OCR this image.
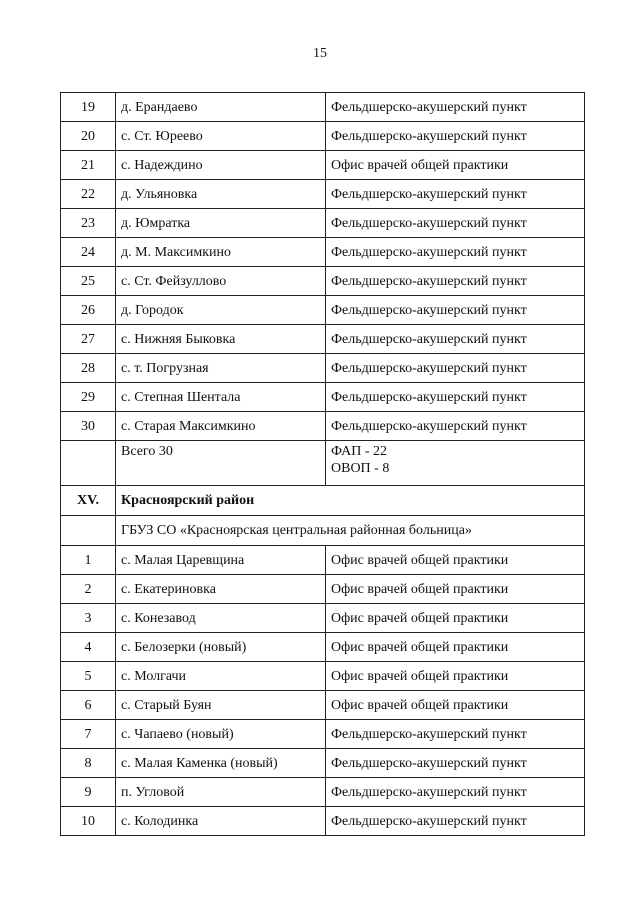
15
19	д. Ерандаево	Фельдшерско-акушерский пункт
20	с. Ст. Юреево	Фельдшерско-акушерский пункт
21	с. Надеждино	Офис врачей общей практики
22	д. Ульяновка	Фельдшерско-акушерский пункт
23	д. Юмратка	Фельдшерско-акушерский пункт
24	д. М. Максимкино	Фельдшерско-акушерский пункт
25	с. Ст. Фейзуллово	Фельдшерско-акушерский пункт
26	д. Городок	Фельдшерско-акушерский пункт
27	с. Нижняя Быковка	Фельдшерско-акушерский пункт
28	с. т. Погрузная	Фельдшерско-акушерский пункт
29	с. Степная Шентала	Фельдшерско-акушерский пункт
30	с. Старая Максимкино	Фельдшерско-акушерский пункт
	Всего 30	ФАП - 22
ОВОП - 8

XV.	Красноярский район	
	ГБУЗ СО «Красноярская центральная районная больница»	
1	с. Малая Царевщина	Офис врачей общей практики
2	с. Екатериновка	Офис врачей общей практики
3	с. Конезавод	Офис врачей общей практики
4	с. Белозерки (новый)	Офис врачей общей практики
5	с. Молгачи	Офис врачей общей практики
6	с. Старый Буян	Офис врачей общей практики
7	с. Чапаево (новый)	Фельдшерско-акушерский пункт
8	с. Малая Каменка (новый)	Фельдшерско-акушерский пункт
9	п. Угловой	Фельдшерско-акушерский пункт
10	с. Колодинка	Фельдшерско-акушерский пункт
